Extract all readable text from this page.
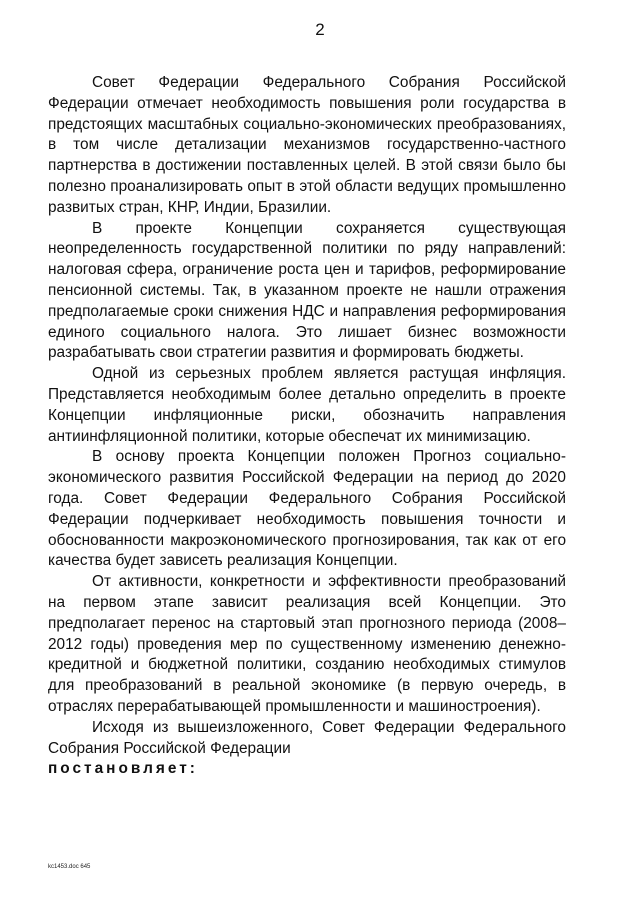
2

Совет Федерации Федерального Собрания Российской Федерации отмечает необходимость повышения роли государства в предстоящих масштабных социально-экономических преобразованиях, в том числе детализации механизмов государственно-частного партнерства в достижении поставленных целей. В этой связи было бы полезно проанализировать опыт в этой области ведущих промышленно развитых стран, КНР, Индии, Бразилии.

В проекте Концепции сохраняется существующая неопределенность государственной политики по ряду направлений: налоговая сфера, ограничение роста цен и тарифов, реформирование пенсионной системы. Так, в указанном проекте не нашли отражения предполагаемые сроки снижения НДС и направления реформирования единого социального налога. Это лишает бизнес возможности разрабатывать свои стратегии развития и формировать бюджеты.

Одной из серьезных проблем является растущая инфляция. Представляется необходимым более детально определить в проекте Концепции инфляционные риски, обозначить направления антиинфляционной политики, которые обеспечат их минимизацию.

В основу проекта Концепции положен Прогноз социально-экономического развития Российской Федерации на период до 2020 года. Совет Федерации Федерального Собрания Российской Федерации подчеркивает необходимость повышения точности и обоснованности макроэкономического прогнозирования, так как от его качества будет зависеть реализация Концепции.

От активности, конкретности и эффективности преобразований на первом этапе зависит реализация всей Концепции. Это предполагает перенос на стартовый этап прогнозного периода (2008–2012 годы) проведения мер по существенному изменению денежно-кредитной и бюджетной политики, созданию необходимых стимулов для преобразований в реальной экономике (в первую очередь, в отраслях перерабатывающей промышленности и машиностроения).

Исходя из вышеизложенного, Совет Федерации Федерального Собрания Российской Федерации

постановляет:

kc1453.doc 645
